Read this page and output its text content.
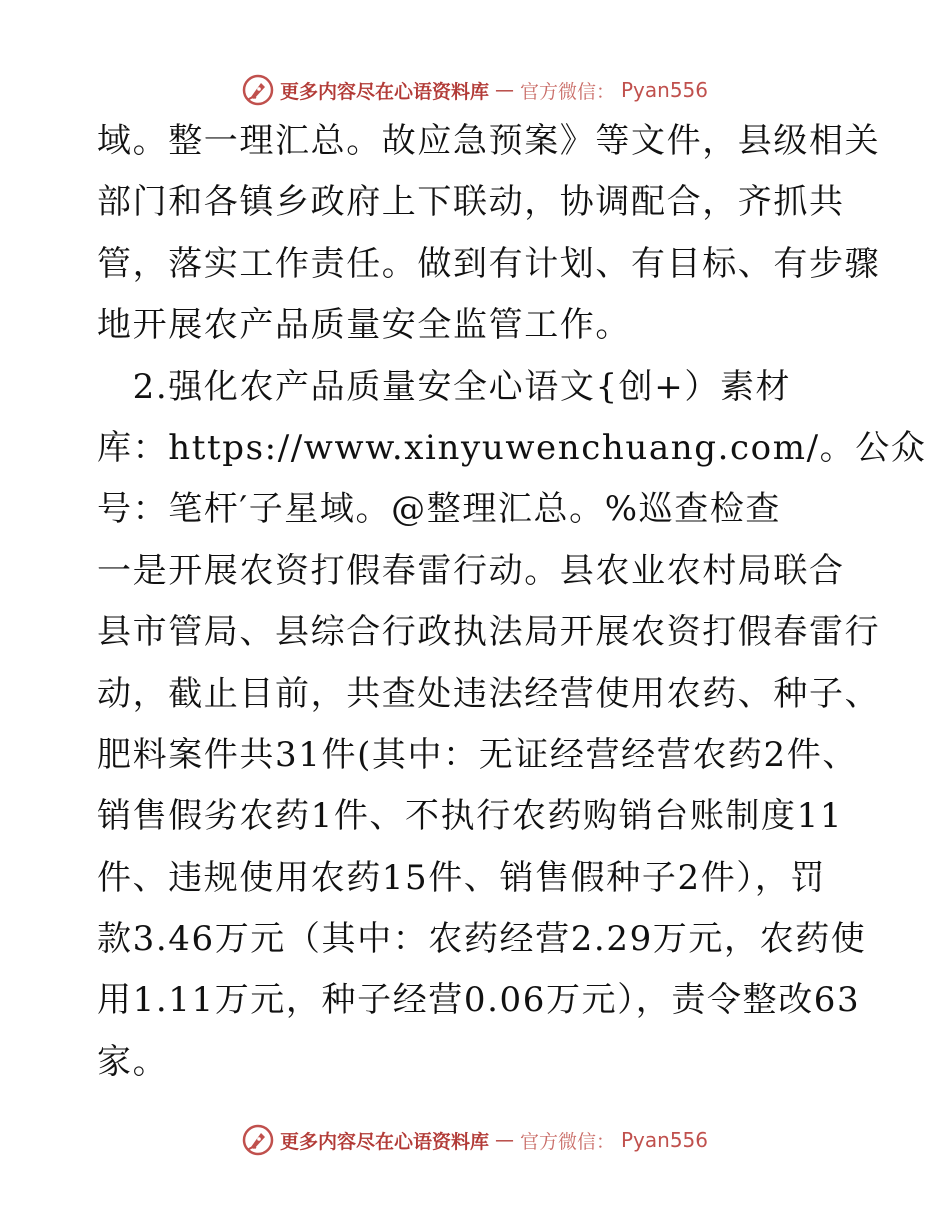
更多内容尽在心语资料库 — 官方微信： Pyan556
域。整一理汇总。故应急预案》等文件，县级相关
部门和各镇乡政府上下联动，协调配合，齐抓共
管，落实工作责任。做到有计划、有目标、有步骤
地开展农产品质量安全监管工作。
　2.强化农产品质量安全心语文{创+）素材
库：https://www.xinyuwenchuang.com/。公众
号：笔杆′子星域。@整理汇总。%巡查检查
一是开展农资打假春雷行动。县农业农村局联合
县市管局、县综合行政执法局开展农资打假春雷行
动，截止目前，共查处违法经营使用农药、种子、
肥料案件共31件(其中：无证经营经营农药2件、
销售假劣农药1件、不执行农药购销台账制度11
件、违规使用农药15件、销售假种子2件），罚
款3.46万元（其中：农药经营2.29万元，农药使
用1.11万元，种子经营0.06万元），责令整改63
家。
更多内容尽在心语资料库 — 官方微信： Pyan556
